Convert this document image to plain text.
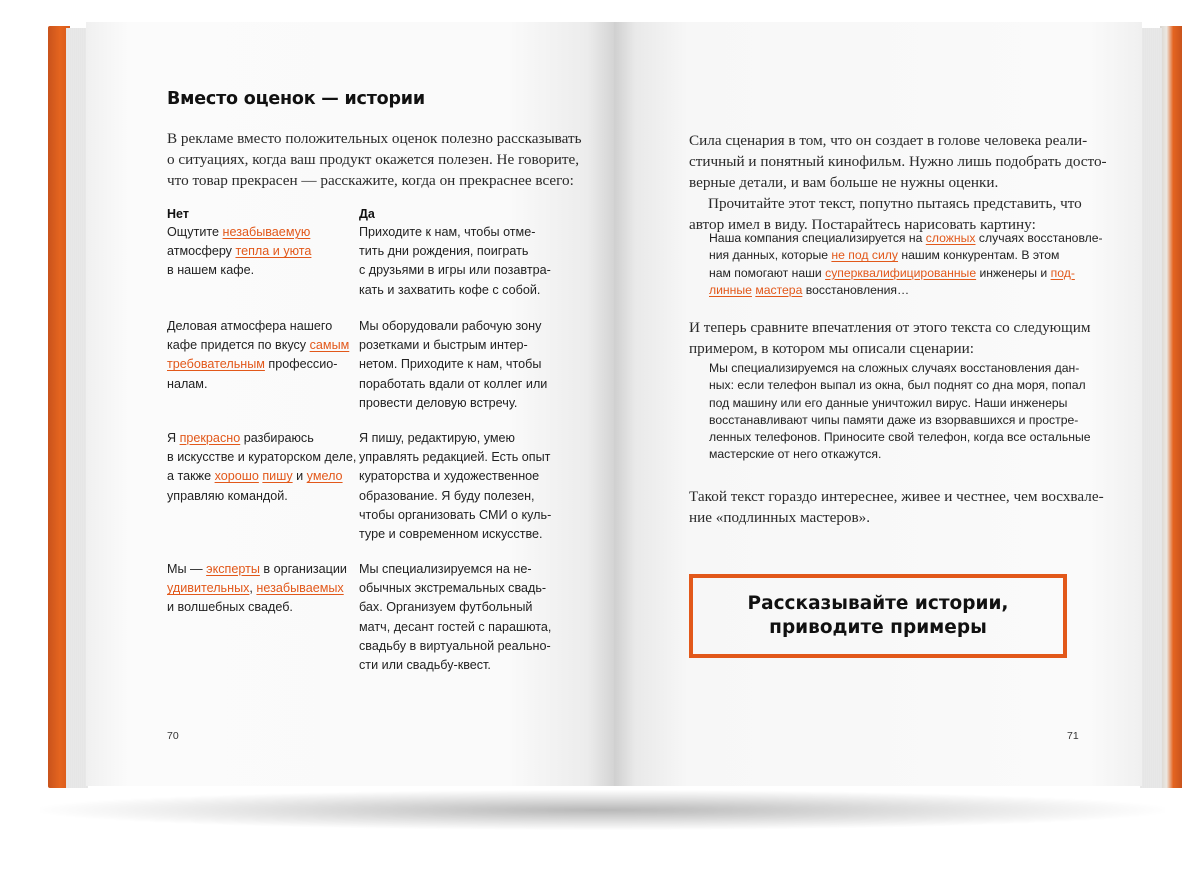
Вместо оценок — истории
В рекламе вместо положительных оценок полезно рассказывать
о ситуациях, когда ваш продукт окажется полезен. Не говорите,
что товар прекрасен — расскажите, когда он прекраснее всего:
Нет	Да
Ощутите незабываемую
атмосферу тепла и уюта
в нашем кафе.
Приходите к нам, чтобы отме-
тить дни рождения, поиграть
с друзьями в игры или позавтра-
кать и захватить кофе с собой.
Деловая атмосфера нашего
кафе придется по вкусу самым
требовательным профессио-
налам.
Мы оборудовали рабочую зону
розетками и быстрым интер-
нетом. Приходите к нам, чтобы
поработать вдали от коллег или
провести деловую встречу.
Я прекрасно разбираюсь
в искусстве и кураторском деле,
а также хорошо пишу и умело
управляю командой.
Я пишу, редактирую, умею
управлять редакцией. Есть опыт
кураторства и художественное
образование. Я буду полезен,
чтобы организовать СМИ о куль-
туре и современном искусстве.
Мы — эксперты в организации
удивительных, незабываемых
и волшебных свадеб.
Мы специализируемся на не-
обычных экстремальных свадь-
бах. Организуем футбольный
матч, десант гостей с парашюта,
свадьбу в виртуальной реально-
сти или свадьбу-квест.
70
Сила сценария в том, что он создает в голове человека реали-
стичный и понятный кинофильм. Нужно лишь подобрать досто-
верные детали, и вам больше не нужны оценки.
Прочитайте этот текст, попутно пытаясь представить, что
автор имел в виду. Постарайтесь нарисовать картину:
Наша компания специализируется на сложных случаях восстановле-
ния данных, которые не под силу нашим конкурентам. В этом
нам помогают наши суперквалифицированные инженеры и под-
линные мастера восстановления…
И теперь сравните впечатления от этого текста со следующим
примером, в котором мы описали сценарии:
Мы специализируемся на сложных случаях восстановления дан-
ных: если телефон выпал из окна, был поднят со дна моря, попал
под машину или его данные уничтожил вирус. Наши инженеры
восстанавливают чипы памяти даже из взорвавшихся и простре-
ленных телефонов. Приносите свой телефон, когда все остальные
мастерские от него откажутся.
Такой текст гораздо интереснее, живее и честнее, чем восхвале-
ние «подлинных мастеров».
Рассказывайте истории,
приводите примеры
71
